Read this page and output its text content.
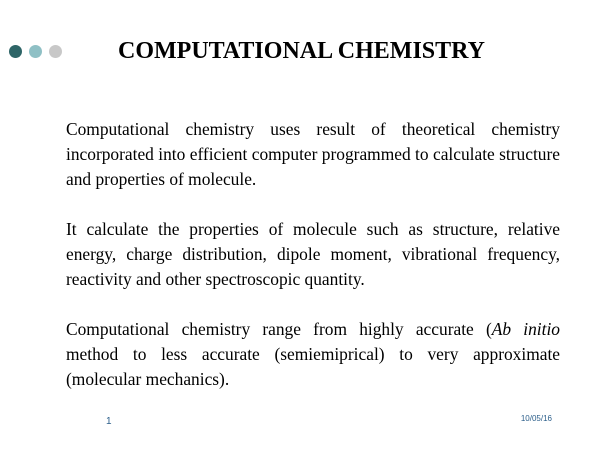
COMPUTATIONAL CHEMISTRY

Computational chemistry uses result of theoretical chemistry incorporated into efficient computer programmed to calculate structure and properties of molecule.

It calculate the properties of molecule such as structure, relative energy, charge distribution, dipole moment, vibrational frequency, reactivity and other spectroscopic quantity.

Computational chemistry range from highly accurate (Ab initio method to less accurate (semiemiprical) to very approximate (molecular mechanics).

1	10/05/16
